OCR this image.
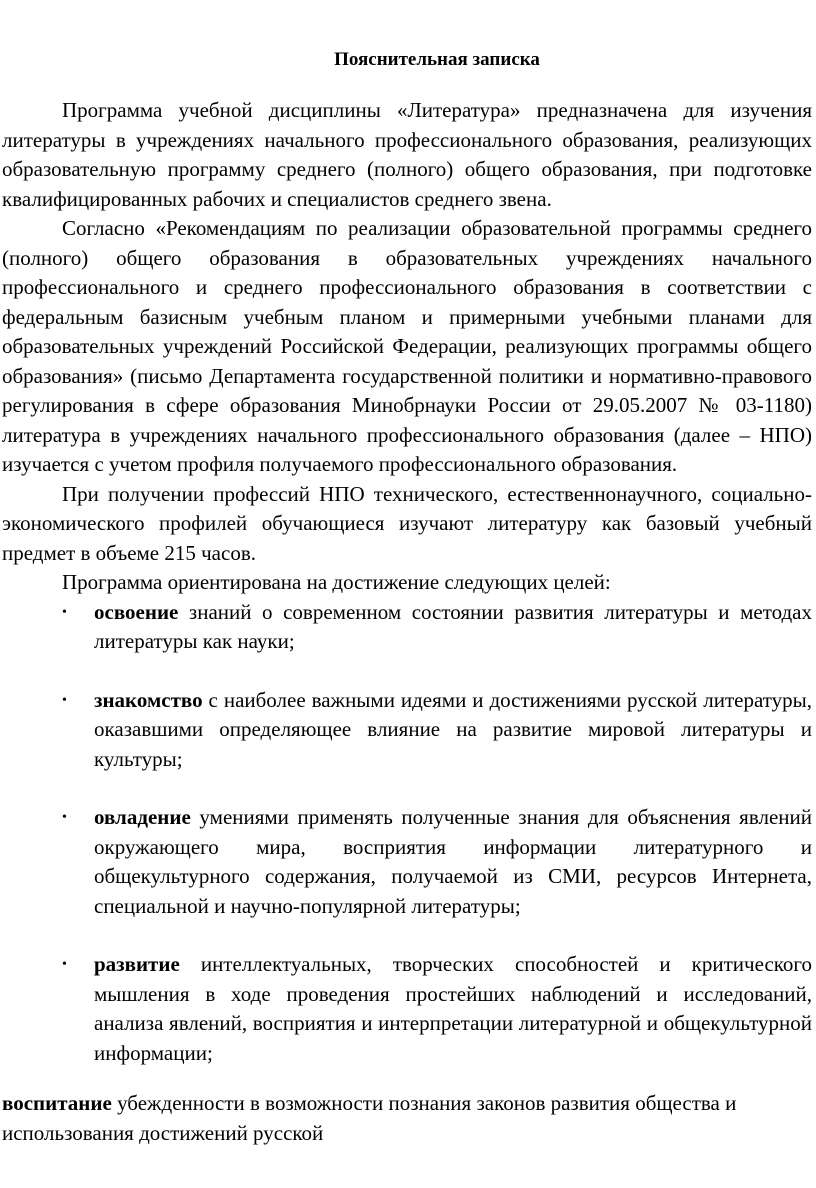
Пояснительная записка

Программа учебной дисциплины «Литература» предназначена для изучения литературы в учреждениях начального профессионального образования, реализующих образовательную программу среднего (полного) общего образования, при подготовке квалифицированных рабочих и специалистов среднего звена.

Согласно «Рекомендациям по реализации образовательной программы среднего (полного) общего образования в образовательных учреждениях начального профессионального и среднего профессионального образования в соответствии с федеральным базисным учебным планом и примерными учебными планами для образовательных учреждений Российской Федерации, реализующих программы общего образования» (письмо Департамента государственной политики и нормативно-правового регулирования в сфере образования Минобрнауки России от 29.05.2007 № 03-1180) литература в учреждениях начального профессионального образования (далее – НПО) изучается с учетом профиля получаемого профессионального образования.

При получении профессий НПО технического, естественнонаучного, социально-экономического профилей обучающиеся изучают литературу как базовый учебный предмет в объеме 215 часов.

Программа ориентирована на достижение следующих целей:

• освоение знаний о современном состоянии развития литературы и методах литературы как науки;
• знакомство с наиболее важными идеями и достижениями русской литературы, оказавшими определяющее влияние на развитие мировой литературы и культуры;
• овладение умениями применять полученные знания для объяснения явлений окружающего мира, восприятия информации литературного и общекультурного содержания, получаемой из СМИ, ресурсов Интернета, специальной и научно-популярной литературы;
• развитие интеллектуальных, творческих способностей и критического мышления в ходе проведения простейших наблюдений и исследований, анализа явлений, восприятия и интерпретации литературной и общекультурной информации;

воспитание убежденности в возможности познания законов развития общества и использования достижений русской
